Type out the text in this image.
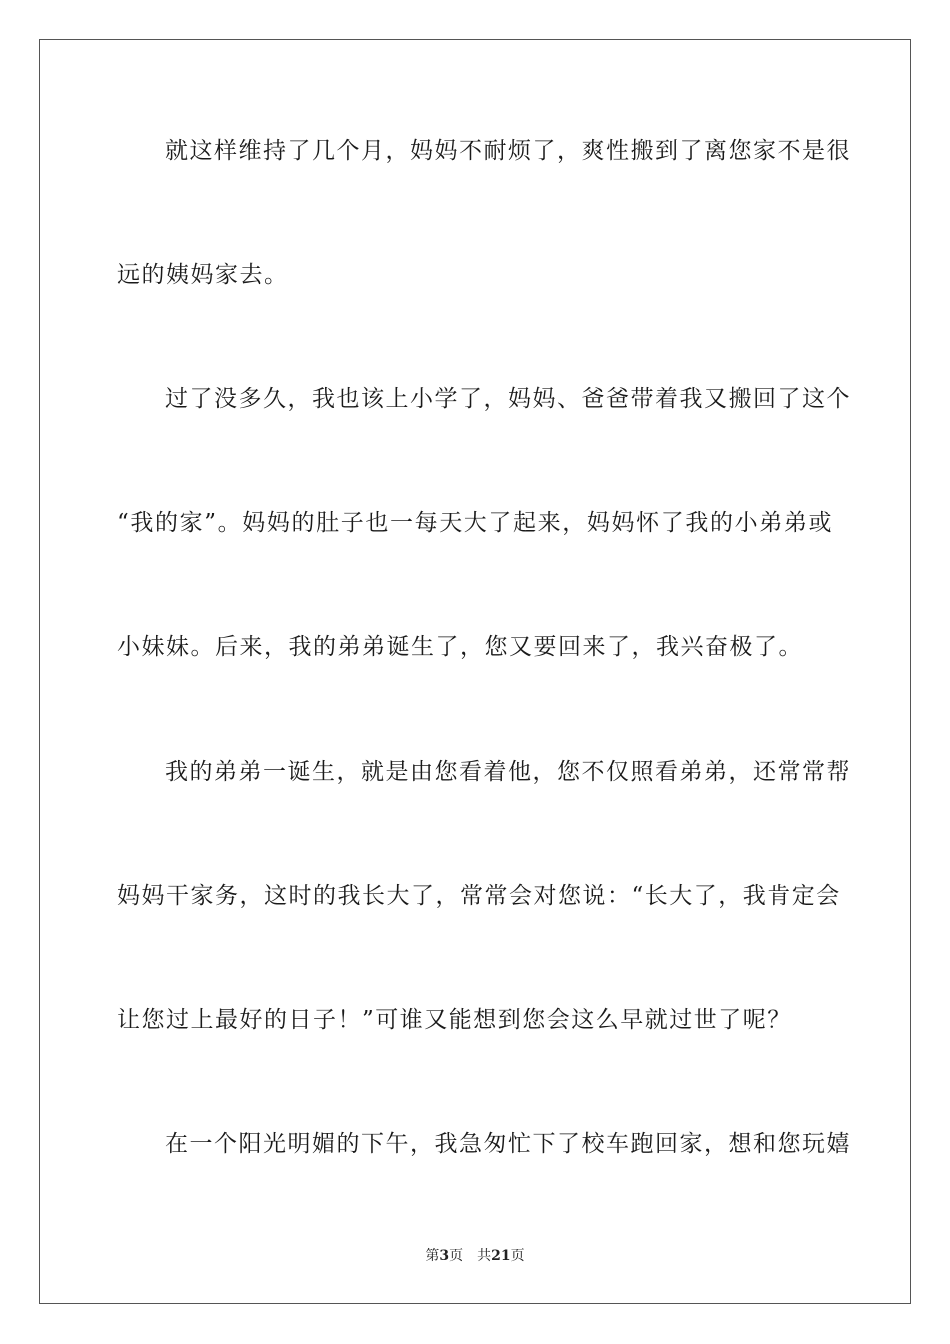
就这样维持了几个月，妈妈不耐烦了，爽性搬到了离您家不是很
远的姨妈家去。
过了没多久，我也该上小学了，妈妈、爸爸带着我又搬回了这个
“我的家”。妈妈的肚子也一每天大了起来，妈妈怀了我的小弟弟或
小妹妹。后来，我的弟弟诞生了，您又要回来了，我兴奋极了。
我的弟弟一诞生，就是由您看着他，您不仅照看弟弟，还常常帮
妈妈干家务，这时的我长大了，常常会对您说：“长大了，我肯定会
让您过上最好的日子！”可谁又能想到您会这么早就过世了呢？
在一个阳光明媚的下午，我急匆忙下了校车跑回家，想和您玩嬉
第3页 共21页
